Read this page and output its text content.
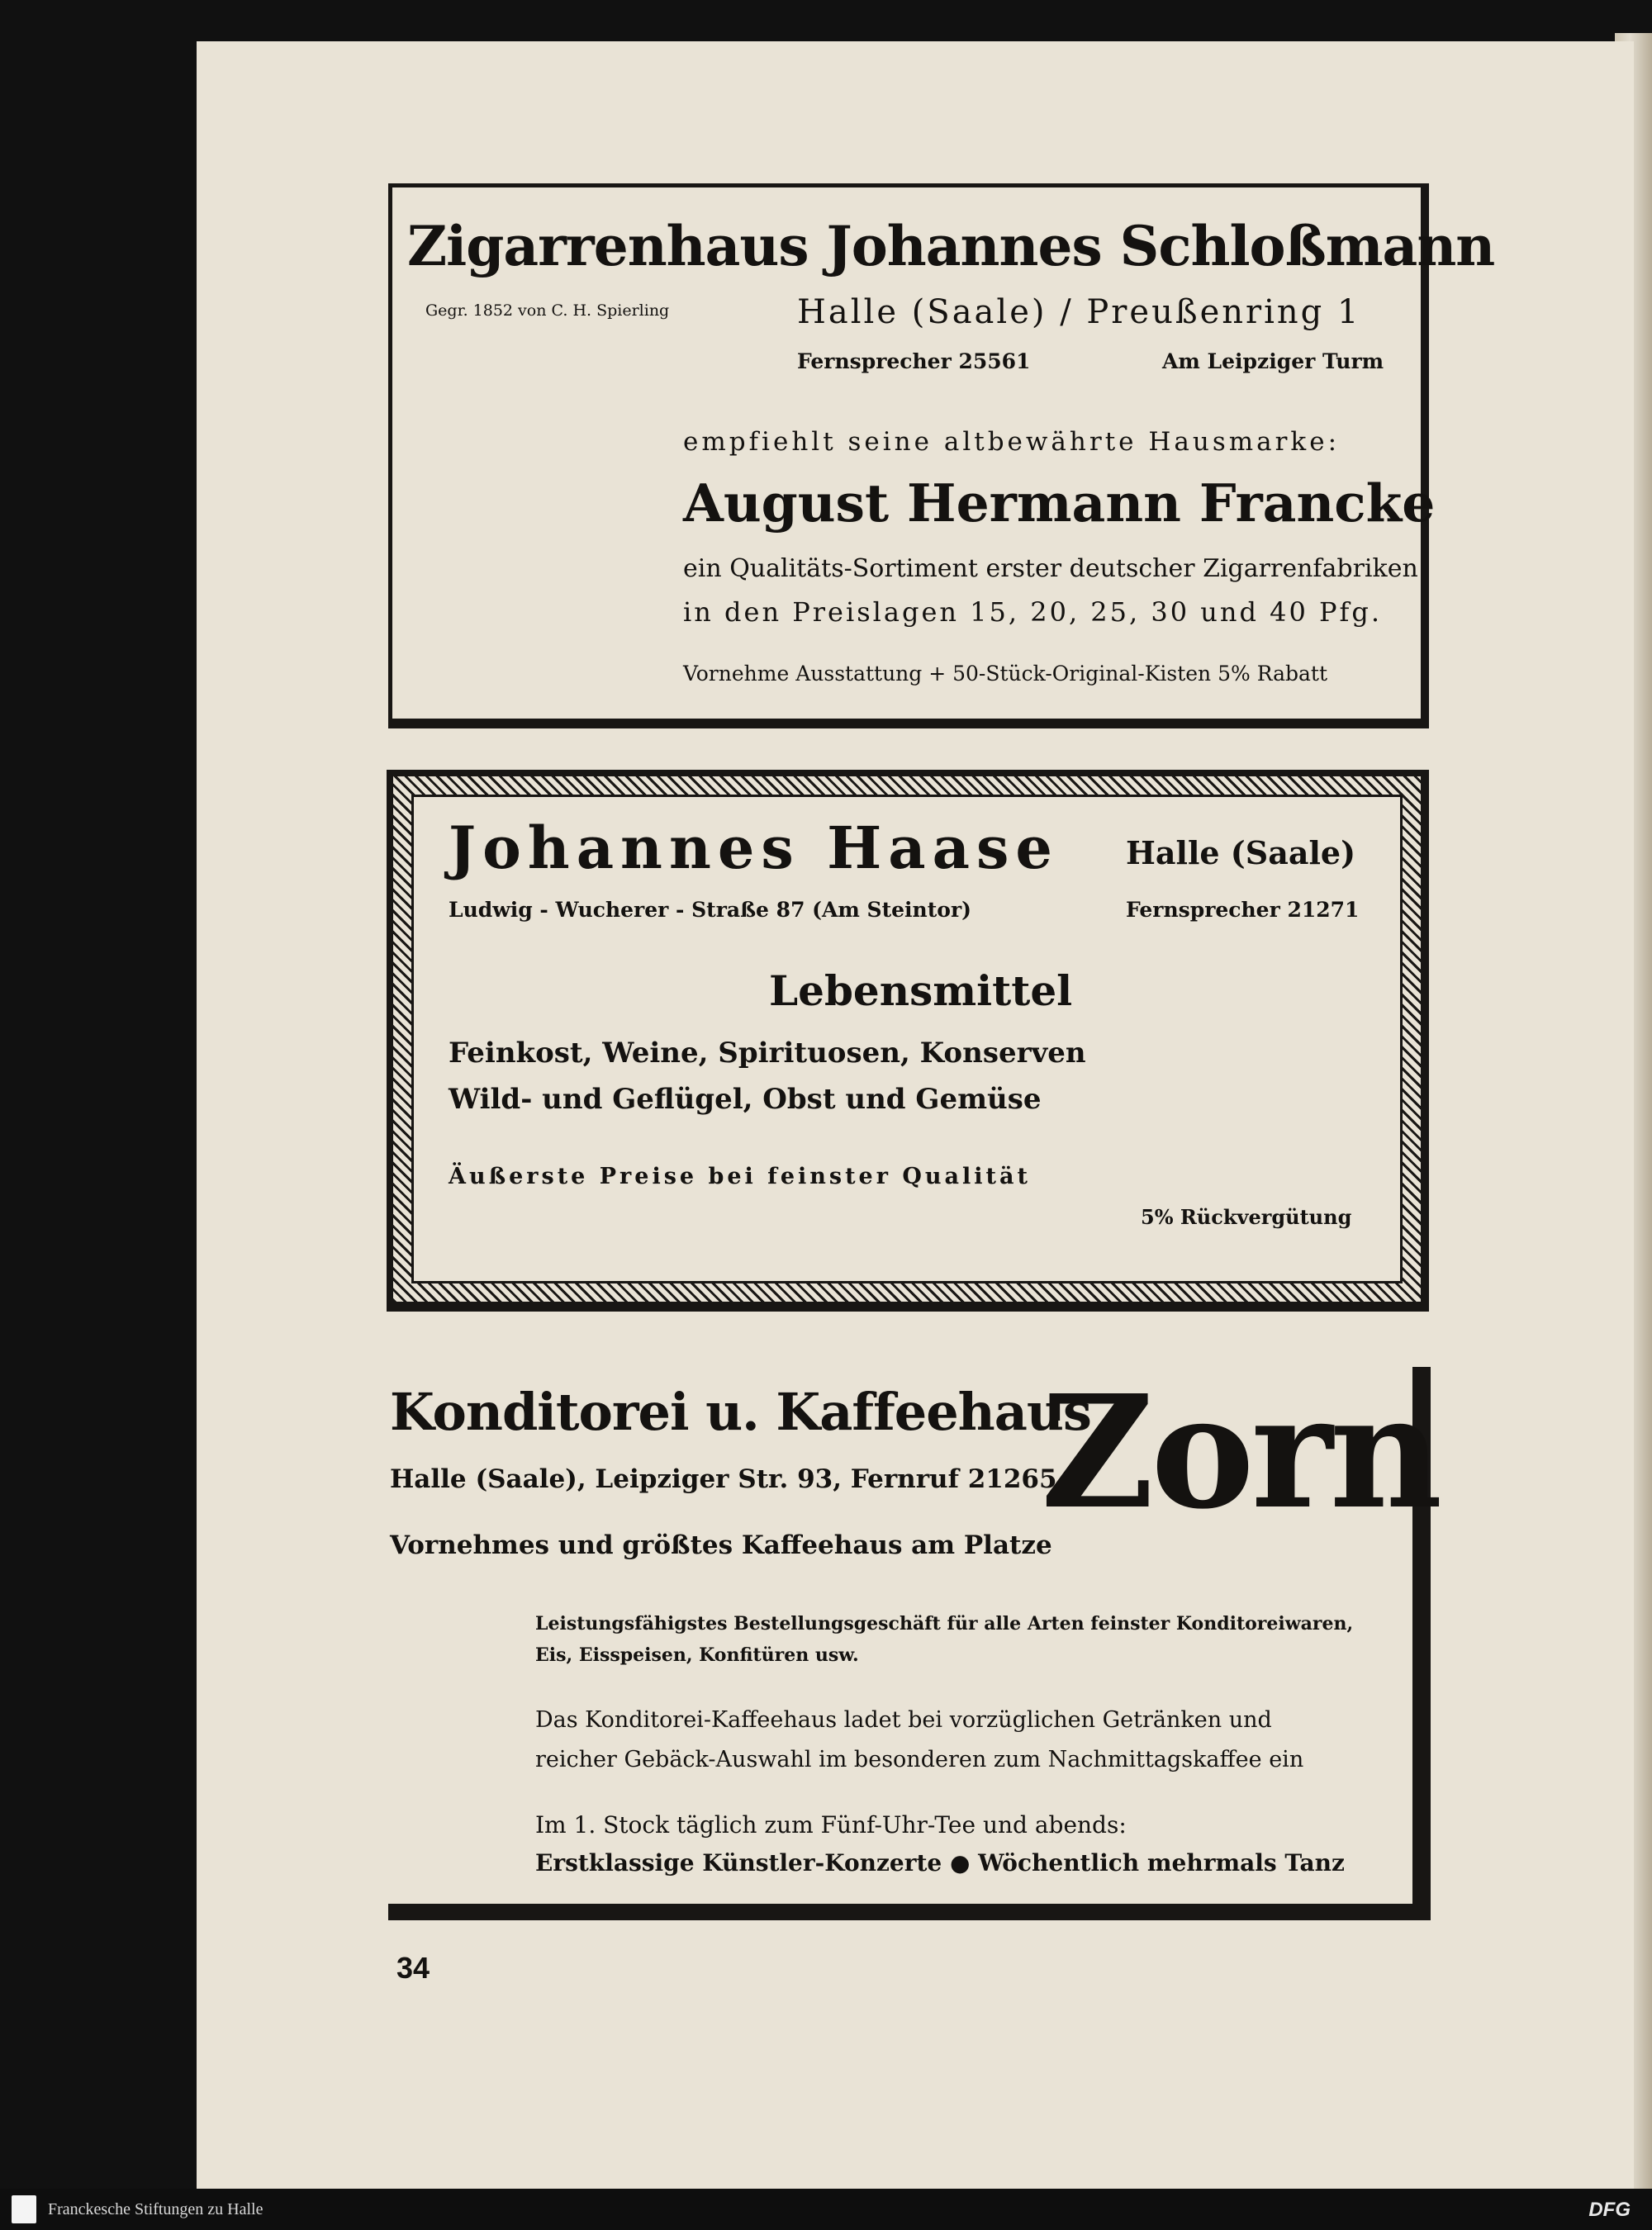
Zigarrenhaus Johannes Schloßmann
Gegr. 1852 von C. H. Spierling	Halle (Saale) / Preußenring 1
Fernsprecher 25561	Am Leipziger Turm
empfiehlt seine altbewährte Hausmarke:
August Hermann Francke
ein Qualitäts-Sortiment erster deutscher Zigarrenfabriken
in den Preislagen 15, 20, 25, 30 und 40 Pfg.
Vornehme Ausstattung + 50-Stück-Original-Kisten 5% Rabatt
Johannes Haase Halle (Saale)
Ludwig - Wucherer - Straße 87 (Am Steintor)	Fernsprecher 21271
Lebensmittel
Feinkost, Weine, Spirituosen, Konserven
Wild- und Geflügel, Obst und Gemüse
Äußerste Preise bei feinster Qualität
5% Rückvergütung
Konditorei u. Kaffeehaus
Zorn
Halle (Saale), Leipziger Str. 93, Fernruf 21265
Vornehmes und größtes Kaffeehaus am Platze
Leistungsfähigstes Bestellungsgeschäft für alle Arten feinster Konditoreiwaren,
Eis, Eisspeisen, Konfitüren usw.
Das Konditorei-Kaffeehaus ladet bei vorzüglichen Getränken und
reicher Gebäck-Auswahl im besonderen zum Nachmittagskaffee ein
Im 1. Stock täglich zum Fünf-Uhr-Tee und abends:
Erstklassige Künstler-Konzerte ● Wöchentlich mehrmals Tanz
34
Franckesche Stiftungen zu Halle	DFG
